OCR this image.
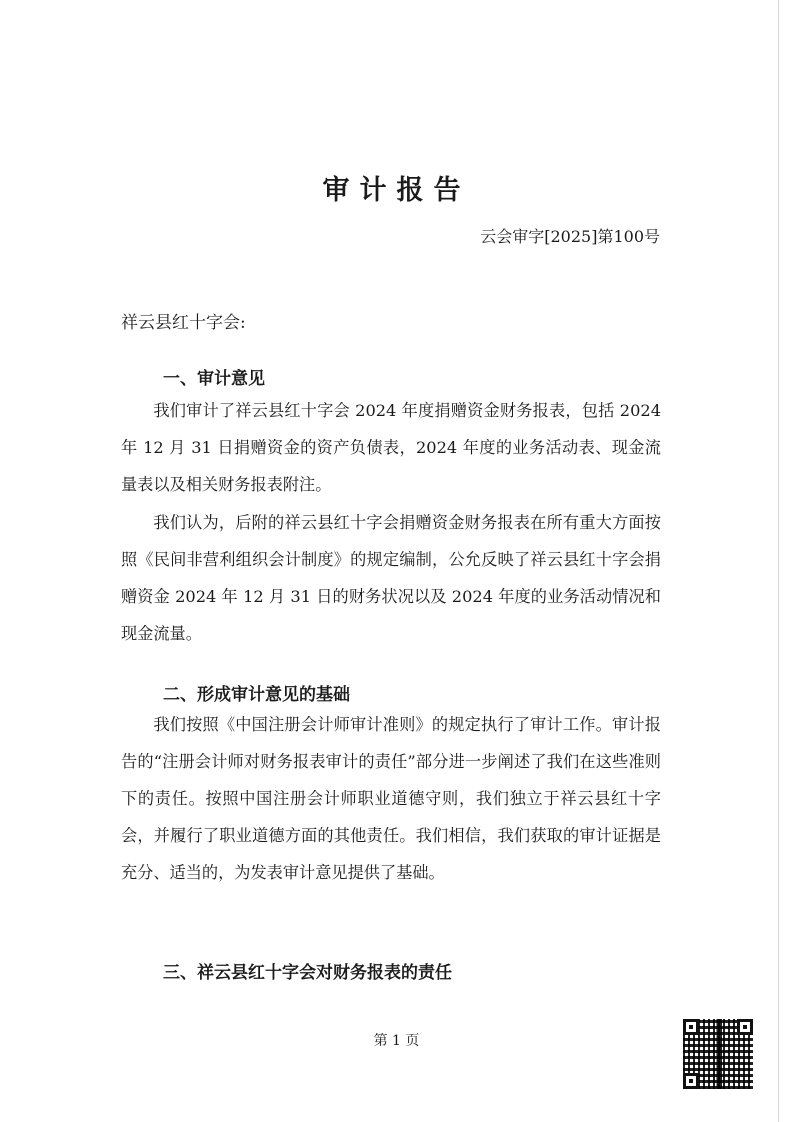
审计报告
云会审字[2025]第100号
祥云县红十字会:
一、审计意见

我们审计了祥云县红十字会 2024 年度捐赠资金财务报表，包括 2024 年 12 月 31 日捐赠资金的资产负债表，2024 年度的业务活动表、现金流量表以及相关财务报表附注。

我们认为，后附的祥云县红十字会捐赠资金财务报表在所有重大方面按照《民间非营利组织会计制度》的规定编制，公允反映了祥云县红十字会捐赠资金 2024 年 12 月 31 日的财务状况以及 2024 年度的业务活动情况和现金流量。

二、形成审计意见的基础

我们按照《中国注册会计师审计准则》的规定执行了审计工作。审计报告的“注册会计师对财务报表审计的责任”部分进一步阐述了我们在这些准则下的责任。按照中国注册会计师职业道德守则，我们独立于祥云县红十字会，并履行了职业道德方面的其他责任。我们相信，我们获取的审计证据是充分、适当的，为发表审计意见提供了基础。

三、祥云县红十字会对财务报表的责任
第 1 页
